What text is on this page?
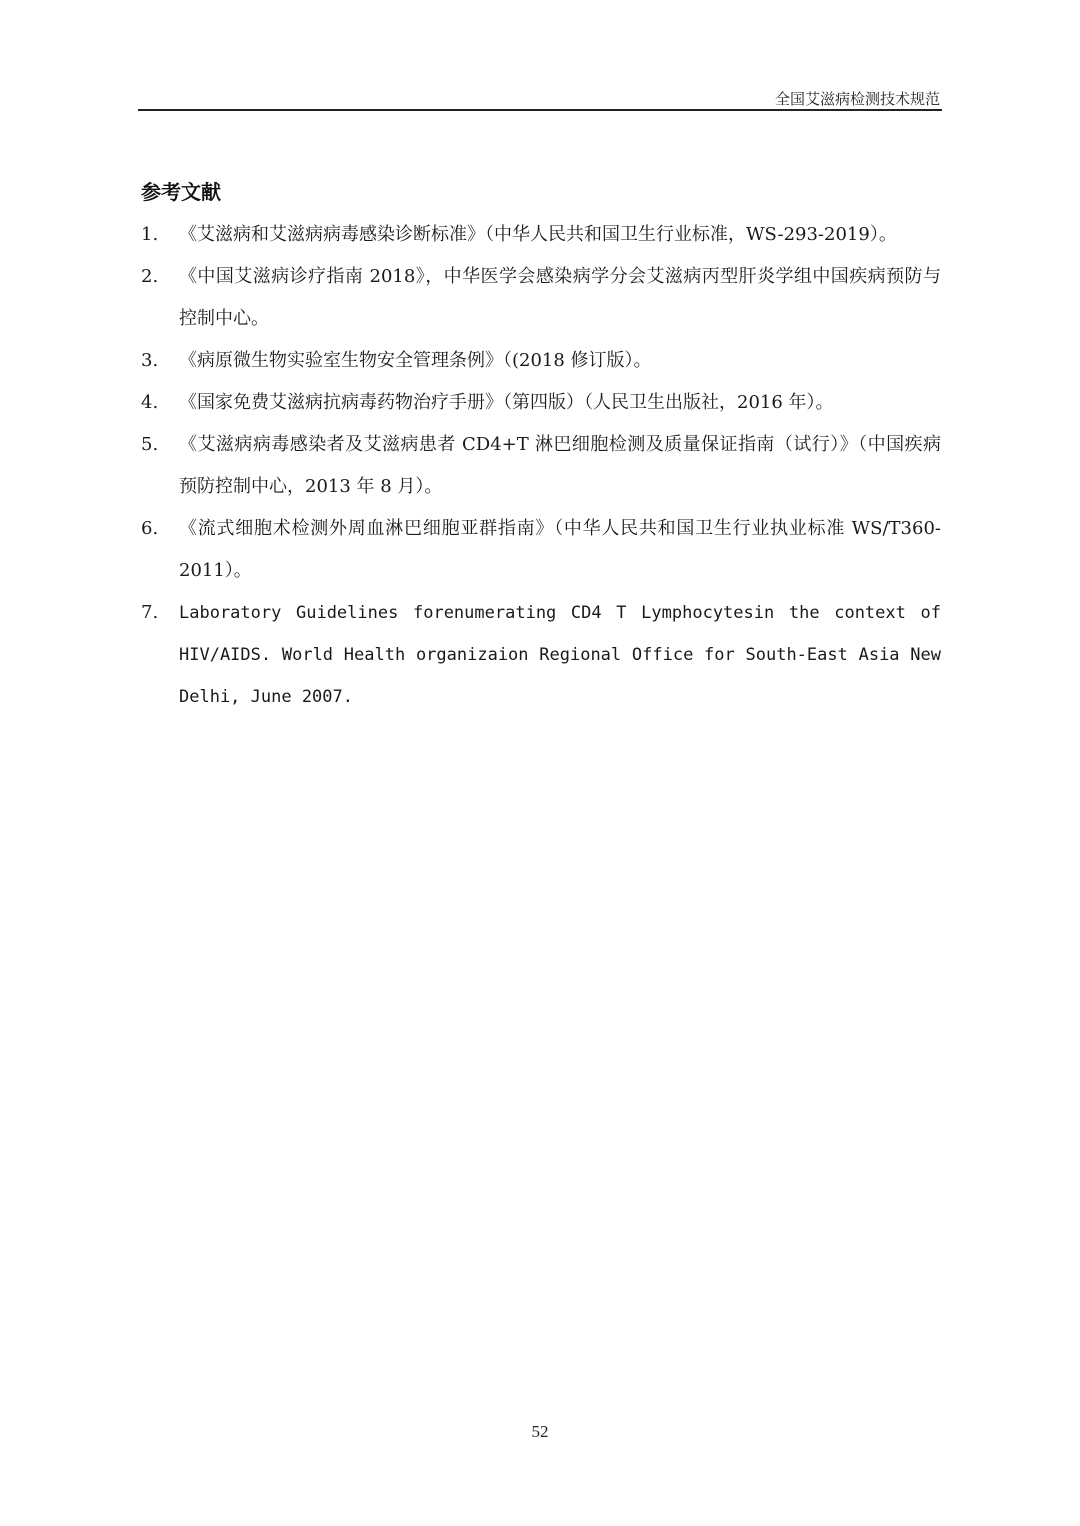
全国艾滋病检测技术规范
参考文献
1.	《艾滋病和艾滋病病毒感染诊断标准》（中华人民共和国卫生行业标准，WS-293-2019）。
2.	《中国艾滋病诊疗指南 2018》，中华医学会感染病学分会艾滋病丙型肝炎学组中国疾病预防与控制中心。
3.	《病原微生物实验室生物安全管理条例》（(2018 修订版）。
4.	《国家免费艾滋病抗病毒药物治疗手册》（第四版）（人民卫生出版社，2016 年）。
5.	《艾滋病病毒感染者及艾滋病患者 CD4+T 淋巴细胞检测及质量保证指南（试行）》（中国疾病预防控制中心，2013 年 8 月）。
6.	《流式细胞术检测外周血淋巴细胞亚群指南》（中华人民共和国卫生行业执业标准 WS/T360-2011）。
7.	Laboratory Guidelines forenumerating CD4 T Lymphocytesin the context of HIV/AIDS. World Health organizaion Regional Office for South-East Asia New Delhi, June 2007.
52
